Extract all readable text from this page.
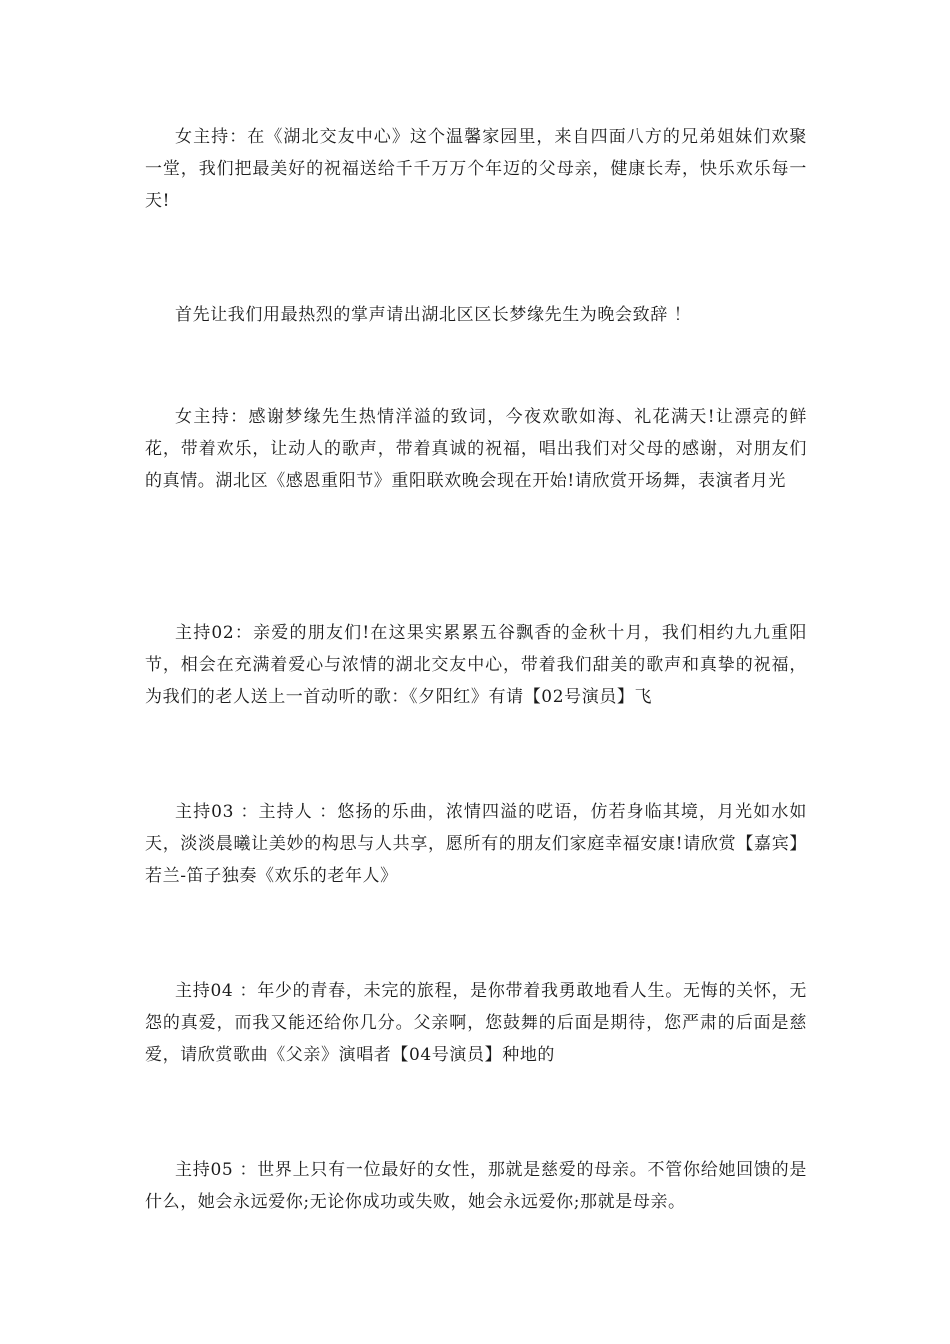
女主持：在《湖北交友中心》这个温馨家园里，来自四面八方的兄弟姐妹们欢聚一堂，我们把最美好的祝福送给千千万万个年迈的父母亲，健康长寿，快乐欢乐每一天!

首先让我们用最热烈的掌声请出湖北区区长梦缘先生为晚会致辞 ！

女主持：感谢梦缘先生热情洋溢的致词，今夜欢歌如海、礼花满天!让漂亮的鲜花，带着欢乐，让动人的歌声，带着真诚的祝福，唱出我们对父母的感谢，对朋友们的真情。湖北区《感恩重阳节》重阳联欢晚会现在开始!请欣赏开场舞，表演者月光

主持02：亲爱的朋友们!在这果实累累五谷飘香的金秋十月，我们相约九九重阳节，相会在充满着爱心与浓情的湖北交友中心，带着我们甜美的歌声和真挚的祝福，为我们的老人送上一首动听的歌：《夕阳红》有请【02号演员】飞

主持03 ：主持人 ：悠扬的乐曲，浓情四溢的呓语，仿若身临其境，月光如水如天，淡淡晨曦让美妙的构思与人共享，愿所有的朋友们家庭幸福安康!请欣赏【嘉宾】若兰-笛子独奏《欢乐的老年人》

主持04 ：年少的青春，未完的旅程，是你带着我勇敢地看人生。无悔的关怀，无怨的真爱，而我又能还给你几分。父亲啊，您鼓舞的后面是期待，您严肃的后面是慈爱，请欣赏歌曲《父亲》演唱者【04号演员】种地的

主持05 ：世界上只有一位最好的女性，那就是慈爱的母亲。不管你给她回馈的是什么，她会永远爱你;无论你成功或失败，她会永远爱你;那就是母亲。
